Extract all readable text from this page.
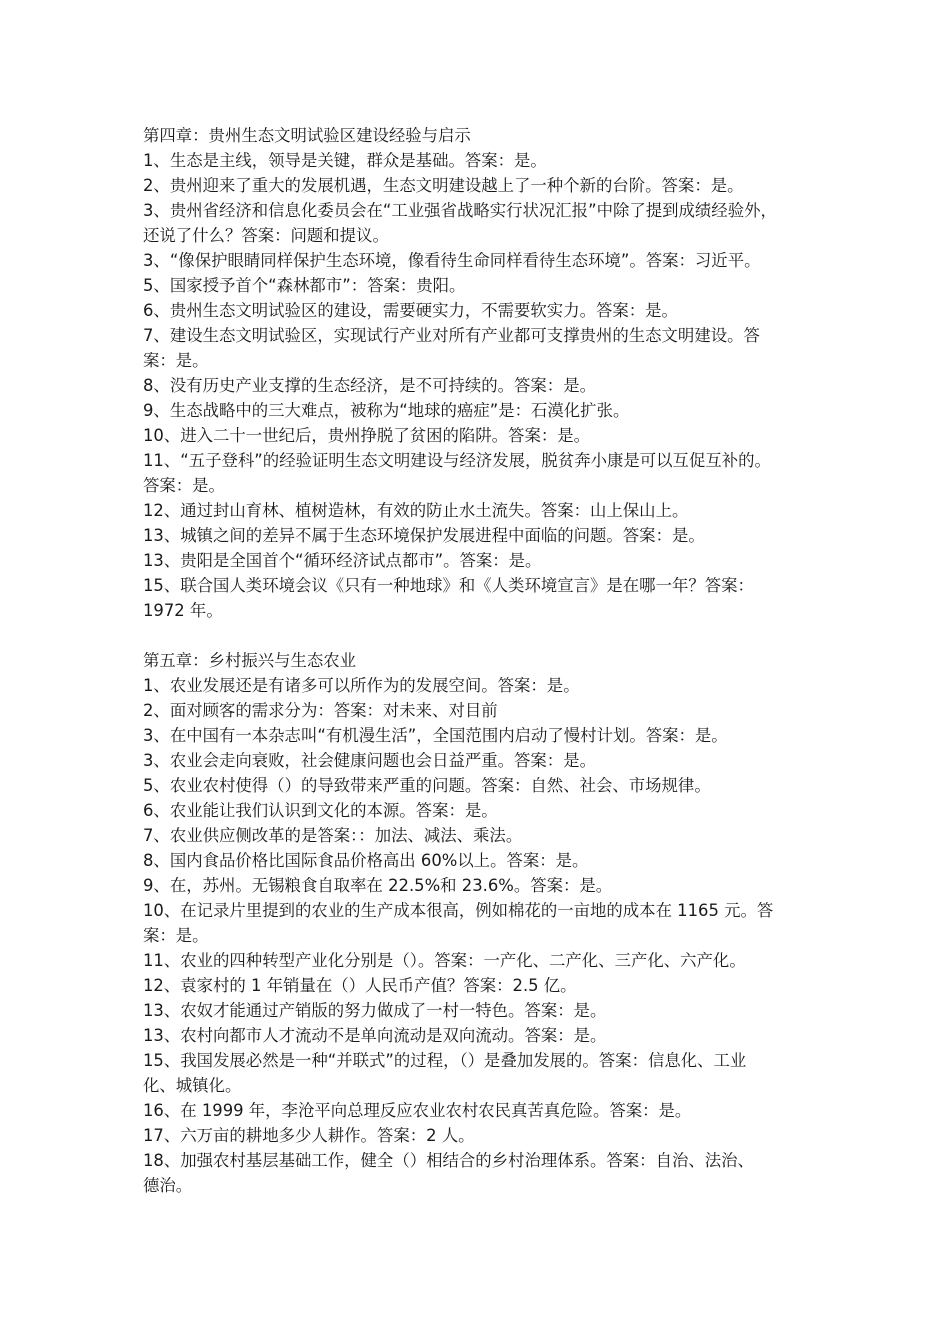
第四章：贵州生态文明试验区建设经验与启示
1、生态是主线，领导是关键，群众是基础。答案：是。
2、贵州迎来了重大的发展机遇，生态文明建设越上了一种个新的台阶。答案：是。
3、贵州省经济和信息化委员会在“工业强省战略实行状况汇报”中除了提到成绩经验外，
还说了什么？答案：问题和提议。
3、“像保护眼睛同样保护生态环境，像看待生命同样看待生态环境”。答案：习近平。
5、国家授予首个“森林都市”：答案：贵阳。
6、贵州生态文明试验区的建设，需要硬实力，不需要软实力。答案：是。
7、建设生态文明试验区，实现试行产业对所有产业都可支撑贵州的生态文明建设。答
案：是。
8、没有历史产业支撑的生态经济，是不可持续的。答案：是。
9、生态战略中的三大难点，被称为“地球的癌症”是：石漠化扩张。
10、进入二十一世纪后，贵州挣脱了贫困的陷阱。答案：是。
11、“五子登科”的经验证明生态文明建设与经济发展，脱贫奔小康是可以互促互补的。
答案：是。
12、通过封山育林、植树造林，有效的防止水土流失。答案：山上保山上。
13、城镇之间的差异不属于生态环境保护发展进程中面临的问题。答案：是。
13、贵阳是全国首个“循环经济试点都市”。答案：是。
15、联合国人类环境会议《只有一种地球》和《人类环境宣言》是在哪一年？答案：
1972 年。
第五章：乡村振兴与生态农业
1、农业发展还是有诸多可以所作为的发展空间。答案：是。
2、面对顾客的需求分为：答案：对未来、对目前
3、在中国有一本杂志叫“有机漫生活”，全国范围内启动了慢村计划。答案：是。
3、农业会走向衰败，社会健康问题也会日益严重。答案：是。
5、农业农村使得（）的导致带来严重的问题。答案：自然、社会、市场规律。
6、农业能让我们认识到文化的本源。答案：是。
7、农业供应侧改革的是答案：：加法、减法、乘法。
8、国内食品价格比国际食品价格高出 60%以上。答案：是。
9、在，苏州。无锡粮食自取率在 22.5%和 23.6%。答案：是。
10、在记录片里提到的农业的生产成本很高，例如棉花的一亩地的成本在 1165 元。答
案：是。
11、农业的四种转型产业化分别是（）。答案：一产化、二产化、三产化、六产化。
12、袁家村的 1 年销量在（）人民币产值？答案：2.5 亿。
13、农奴才能通过产销版的努力做成了一村一特色。答案：是。
13、农村向都市人才流动不是单向流动是双向流动。答案：是。
15、我国发展必然是一种“并联式”的过程，（）是叠加发展的。答案：信息化、工业
化、城镇化。
16、在 1999 年，李沧平向总理反应农业农村农民真苦真危险。答案：是。
17、六万亩的耕地多少人耕作。答案：2 人。
18、加强农村基层基础工作，健全（）相结合的乡村治理体系。答案：自治、法治、
德治。
